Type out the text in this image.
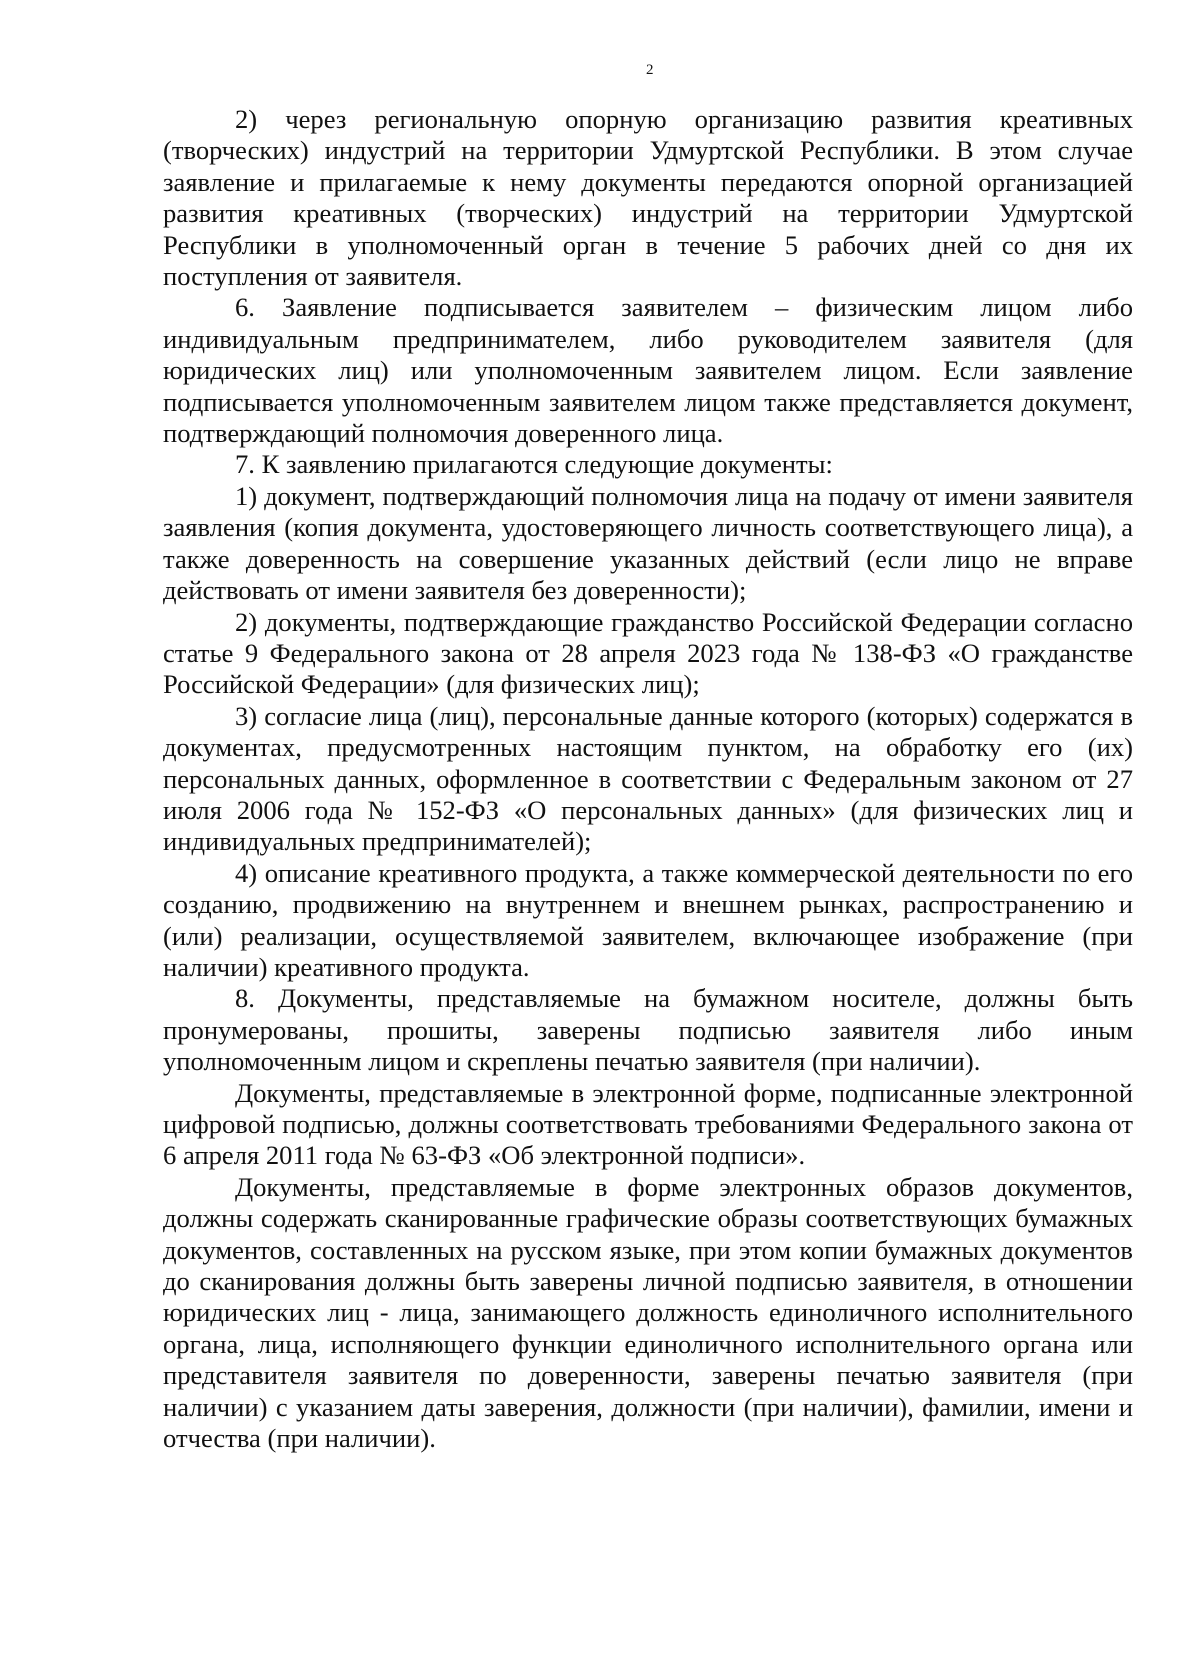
2

2) через региональную опорную организацию развития креативных (творческих) индустрий на территории Удмуртской Республики. В этом случае заявление и прилагаемые к нему документы передаются опорной организацией развития креативных (творческих) индустрий на территории Удмуртской Республики в уполномоченный орган в течение 5 рабочих дней со дня их поступления от заявителя.

6. Заявление подписывается заявителем – физическим лицом либо индивидуальным предпринимателем, либо руководителем заявителя (для юридических лиц) или уполномоченным заявителем лицом. Если заявление подписывается уполномоченным заявителем лицом также представляется документ, подтверждающий полномочия доверенного лица.

7. К заявлению прилагаются следующие документы:

1) документ, подтверждающий полномочия лица на подачу от имени заявителя заявления (копия документа, удостоверяющего личность соответствующего лица), а также доверенность на совершение указанных действий (если лицо не вправе действовать от имени заявителя без доверенности);

2) документы, подтверждающие гражданство Российской Федерации согласно статье 9 Федерального закона от 28 апреля 2023 года № 138-ФЗ «О гражданстве Российской Федерации» (для физических лиц);

3) согласие лица (лиц), персональные данные которого (которых) содержатся в документах, предусмотренных настоящим пунктом, на обработку его (их) персональных данных, оформленное в соответствии с Федеральным законом от 27 июля 2006 года № 152-ФЗ «О персональных данных» (для физических лиц и индивидуальных предпринимателей);

4) описание креативного продукта, а также коммерческой деятельности по его созданию, продвижению на внутреннем и внешнем рынках, распространению и (или) реализации, осуществляемой заявителем, включающее изображение (при наличии) креативного продукта.

8. Документы, представляемые на бумажном носителе, должны быть пронумерованы, прошиты, заверены подписью заявителя либо иным уполномоченным лицом и скреплены печатью заявителя (при наличии).

Документы, представляемые в электронной форме, подписанные электронной цифровой подписью, должны соответствовать требованиями Федерального закона от 6 апреля 2011 года № 63-ФЗ «Об электронной подписи».

Документы, представляемые в форме электронных образов документов, должны содержать сканированные графические образы соответствующих бумажных документов, составленных на русском языке, при этом копии бумажных документов до сканирования должны быть заверены личной подписью заявителя, в отношении юридических лиц - лица, занимающего должность единоличного исполнительного органа, лица, исполняющего функции единоличного исполнительного органа или представителя заявителя по доверенности, заверены печатью заявителя (при наличии) с указанием даты заверения, должности (при наличии), фамилии, имени и отчества (при наличии).
